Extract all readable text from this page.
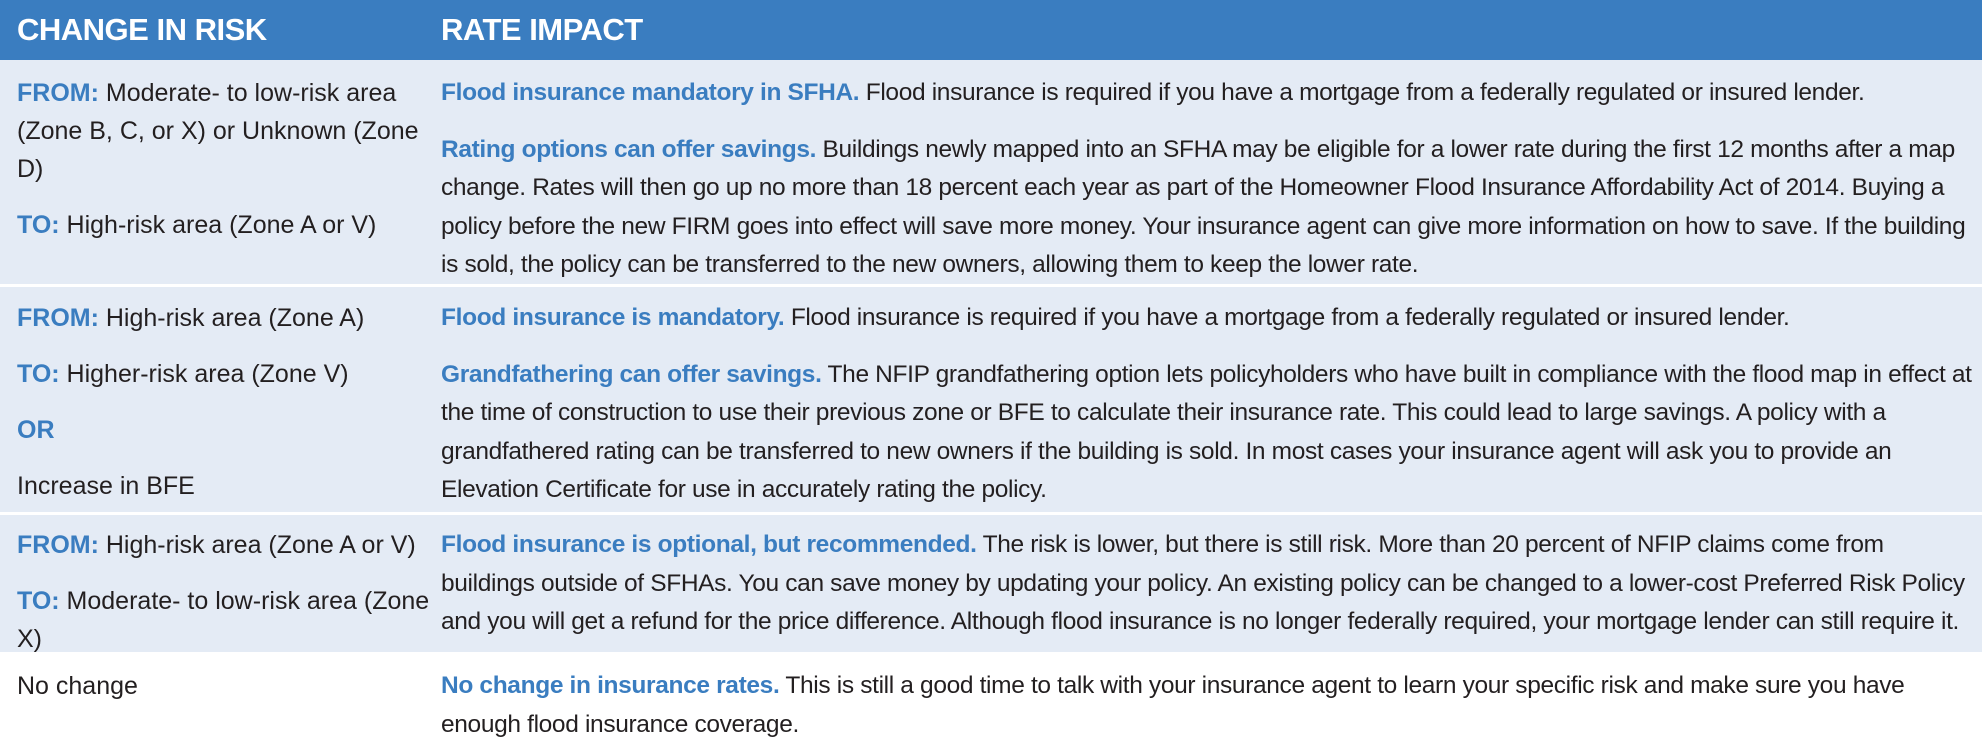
CHANGE IN RISK	RATE IMPACT

FROM: Moderate- to low-risk area (Zone B, C, or X) or Unknown (Zone D)

TO: High-risk area (Zone A or V)

Flood insurance mandatory in SFHA. Flood insurance is required if you have a mortgage from a federally regulated or insured lender.

Rating options can offer savings. Buildings newly mapped into an SFHA may be eligible for a lower rate during the first 12 months after a map change. Rates will then go up no more than 18 percent each year as part of the Homeowner Flood Insurance Affordability Act of 2014. Buying a policy before the new FIRM goes into effect will save more money. Your insurance agent can give more information on how to save. If the building is sold, the policy can be transferred to the new owners, allowing them to keep the lower rate.

FROM: High-risk area (Zone A)

TO: Higher-risk area (Zone V)

OR

Increase in BFE

Flood insurance is mandatory. Flood insurance is required if you have a mortgage from a federally regulated or insured lender.

Grandfathering can offer savings. The NFIP grandfathering option lets policyholders who have built in compliance with the flood map in effect at the time of construction to use their previous zone or BFE to calculate their insurance rate. This could lead to large savings. A policy with a grandfathered rating can be transferred to new owners if the building is sold. In most cases your insurance agent will ask you to provide an Elevation Certificate for use in accurately rating the policy.

FROM: High-risk area (Zone A or V)

TO: Moderate- to low-risk area (Zone X)

Flood insurance is optional, but recommended. The risk is lower, but there is still risk. More than 20 percent of NFIP claims come from buildings outside of SFHAs. You can save money by updating your policy. An existing policy can be changed to a lower-cost Preferred Risk Policy and you will get a refund for the price difference. Although flood insurance is no longer federally required, your mortgage lender can still require it.

No change	No change in insurance rates. This is still a good time to talk with your insurance agent to learn your specific risk and make sure you have enough flood insurance coverage.
